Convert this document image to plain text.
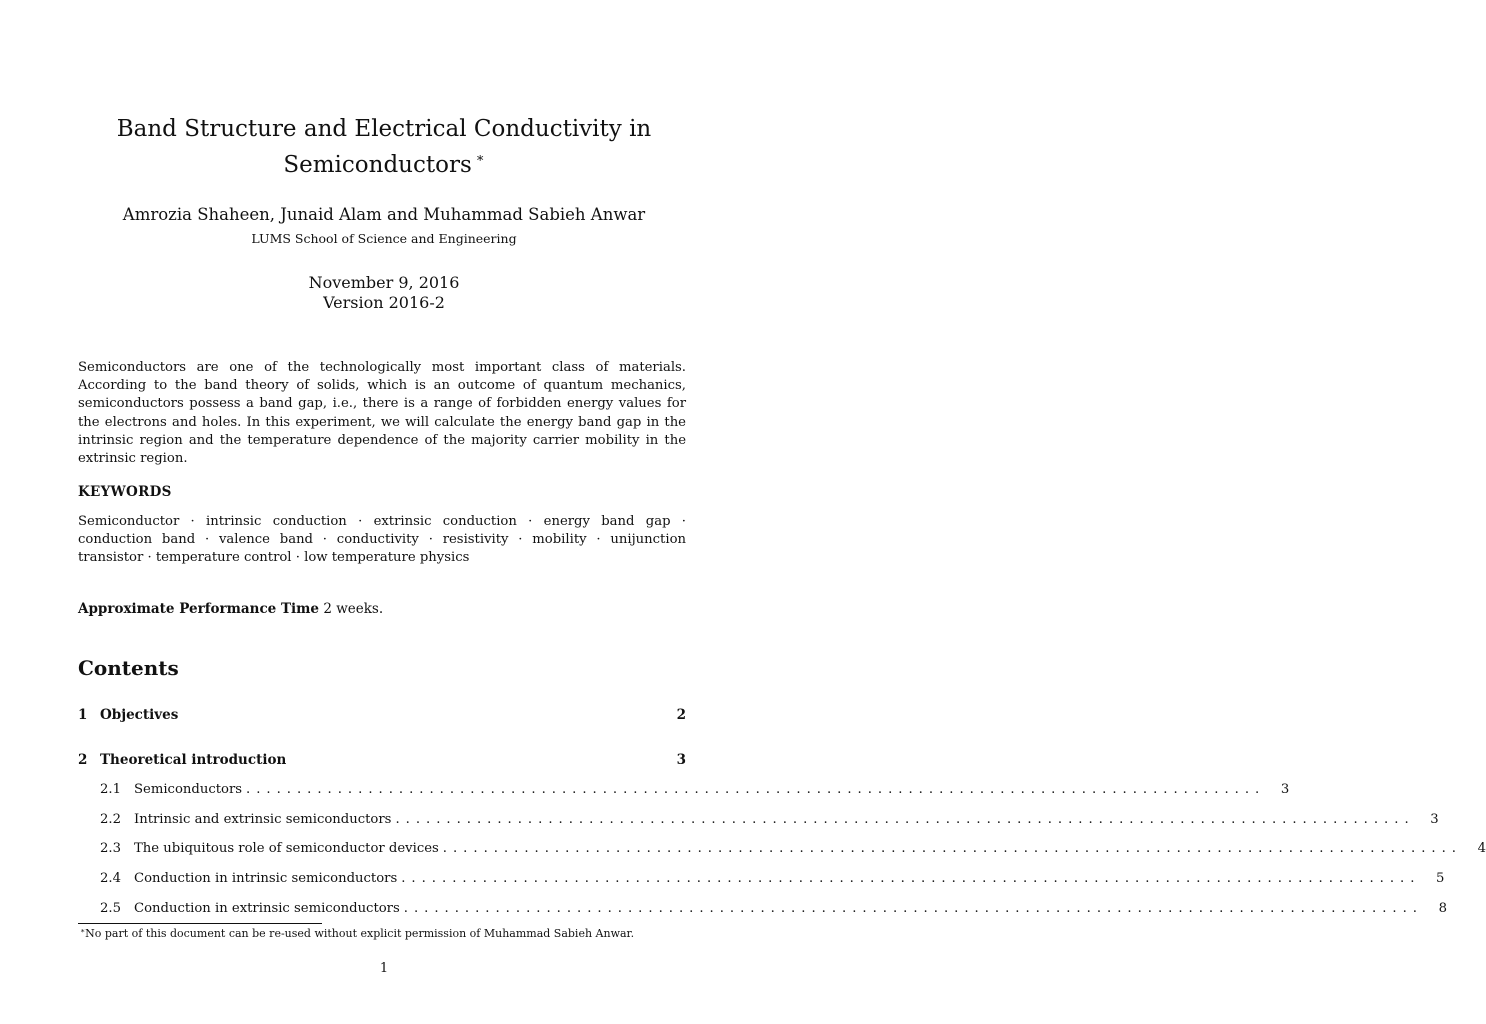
Band Structure and Electrical Conductivity in
Semiconductors ∗
Amrozia Shaheen, Junaid Alam and Muhammad Sabieh Anwar
LUMS School of Science and Engineering
November 9, 2016
Version 2016-2
Semiconductors are one of the technologically most important class of materials. According to the band theory of solids, which is an outcome of quantum mechanics, semiconductors possess a band gap, i.e., there is a range of forbidden energy values for the electrons and holes. In this experiment, we will calculate the energy band gap in the intrinsic region and the temperature dependence of the majority carrier mobility in the extrinsic region.
KEYWORDS
Semiconductor · intrinsic conduction · extrinsic conduction · energy band gap · conduction band · valence band · conductivity · resistivity · mobility · unijunction transistor · temperature control · low temperature physics
Approximate Performance Time 2 weeks.
Contents
1 Objectives	2
2 Theoretical introduction	3
2.1 Semiconductors ....................................................................................................	3
2.2 Intrinsic and extrinsic semiconductors ....................................................................................................	3
2.3 The ubiquitous role of semiconductor devices ....................................................................................................	4
2.4 Conduction in intrinsic semiconductors ....................................................................................................	5
2.5 Conduction in extrinsic semiconductors ....................................................................................................	8
∗No part of this document can be re-used without explicit permission of Muhammad Sabieh Anwar.
1
